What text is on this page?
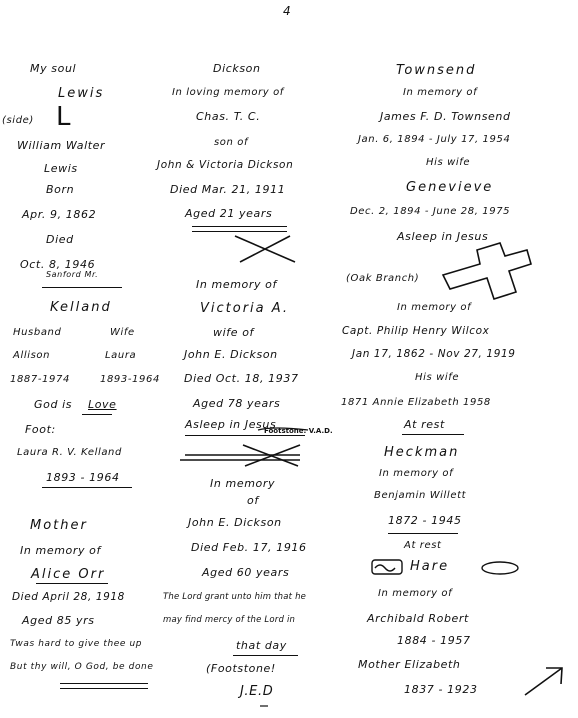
4
My soul
Lewis
(side) L
William Walter
Lewis
Born
Apr. 9, 1862
Died
Oct. 8, 1946
Sanford Mr.
Kelland
Husband	Wife
Allison	Laura
1887-1974	1893-1964
God is Love
Foot:
Laura R. V. Kelland
1893 - 1964
Mother
In memory of
Alice Orr
Died April 28, 1918
Aged 85 yrs
Twas hard to give thee up
But thy will, O God, be done
Dickson
In loving memory of
Chas. T. C.
son of
John & Victoria Dickson
Died Mar. 21, 1911
Aged 21 years
In memory of
Victoria A.
wife of
John E. Dickson
Died Oct. 18, 1937
Aged 78 years
Asleep in Jesus
Footstone: V.A.D.
In memory
of
John E. Dickson
Died Feb. 17, 1916
Aged 60 years
The Lord grant unto him that he
may find mercy of the Lord in
that day
(Footstone!
J.E.D
Townsend
In memory of
James F. D. Townsend
Jan. 6, 1894 - July 17, 1954
His wife
Genevieve
Dec. 2, 1894 - June 28, 1975
Asleep in Jesus
(Oak Branch)
In memory of
Capt. Philip Henry Wilcox
Jan 17, 1862 - Nov 27, 1919
His wife
1871 Annie Elizabeth 1958
At rest
Heckman
In memory of
Benjamin Willett
1872 - 1945
At rest
Hare
In memory of
Archibald Robert
1884 - 1957
Mother Elizabeth
1837 - 1923
